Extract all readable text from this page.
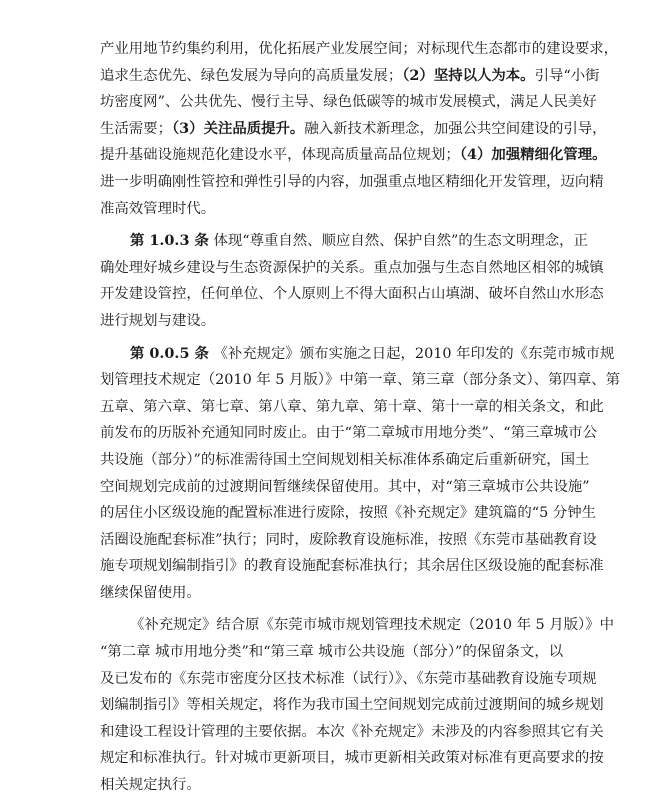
产业用地节约集约利用，优化拓展产业发展空间；对标现代生态都市的建设要求，
追求生态优先、绿色发展为导向的高质量发展；（2）坚持以人为本。引导“小街
坊密度网”、公共优先、慢行主导、绿色低碳等的城市发展模式，满足人民美好
生活需要；（3）关注品质提升。融入新技术新理念，加强公共空间建设的引导，
提升基础设施规范化建设水平，体现高质量高品位规划；（4）加强精细化管理。
进一步明确刚性管控和弹性引导的内容，加强重点地区精细化开发管理，迈向精
准高效管理时代。
第 1.0.3 条 体现“尊重自然、顺应自然、保护自然”的生态文明理念，正
确处理好城乡建设与生态资源保护的关系。重点加强与生态自然地区相邻的城镇
开发建设管控，任何单位、个人原则上不得大面积占山填湖、破坏自然山水形态
进行规划与建设。
第 0.0.5 条 《补充规定》颁布实施之日起，2010 年印发的《东莞市城市规
划管理技术规定（2010 年 5 月版）》中第一章、第三章（部分条文）、第四章、第
五章、第六章、第七章、第八章、第九章、第十章、第十一章的相关条文，和此
前发布的历版补充通知同时废止。由于“第二章城市用地分类”、“第三章城市公
共设施（部分）”的标准需待国土空间规划相关标准体系确定后重新研究，国土
空间规划完成前的过渡期间暂继续保留使用。其中，对“第三章城市公共设施”
的居住小区级设施的配置标准进行废除，按照《补充规定》建筑篇的“5 分钟生
活圈设施配套标准”执行；同时，废除教育设施标准，按照《东莞市基础教育设
施专项规划编制指引》的教育设施配套标准执行；其余居住区级设施的配套标准
继续保留使用。
《补充规定》结合原《东莞市城市规划管理技术规定（2010 年 5 月版）》中
“第二章 城市用地分类”和“第三章 城市公共设施（部分）”的保留条文，以
及已发布的《东莞市密度分区技术标准（试行）》、《东莞市基础教育设施专项规
划编制指引》等相关规定，将作为我市国土空间规划完成前过渡期间的城乡规划
和建设工程设计管理的主要依据。本次《补充规定》未涉及的内容参照其它有关
规定和标准执行。针对城市更新项目，城市更新相关政策对标准有更高要求的按
相关规定执行。
